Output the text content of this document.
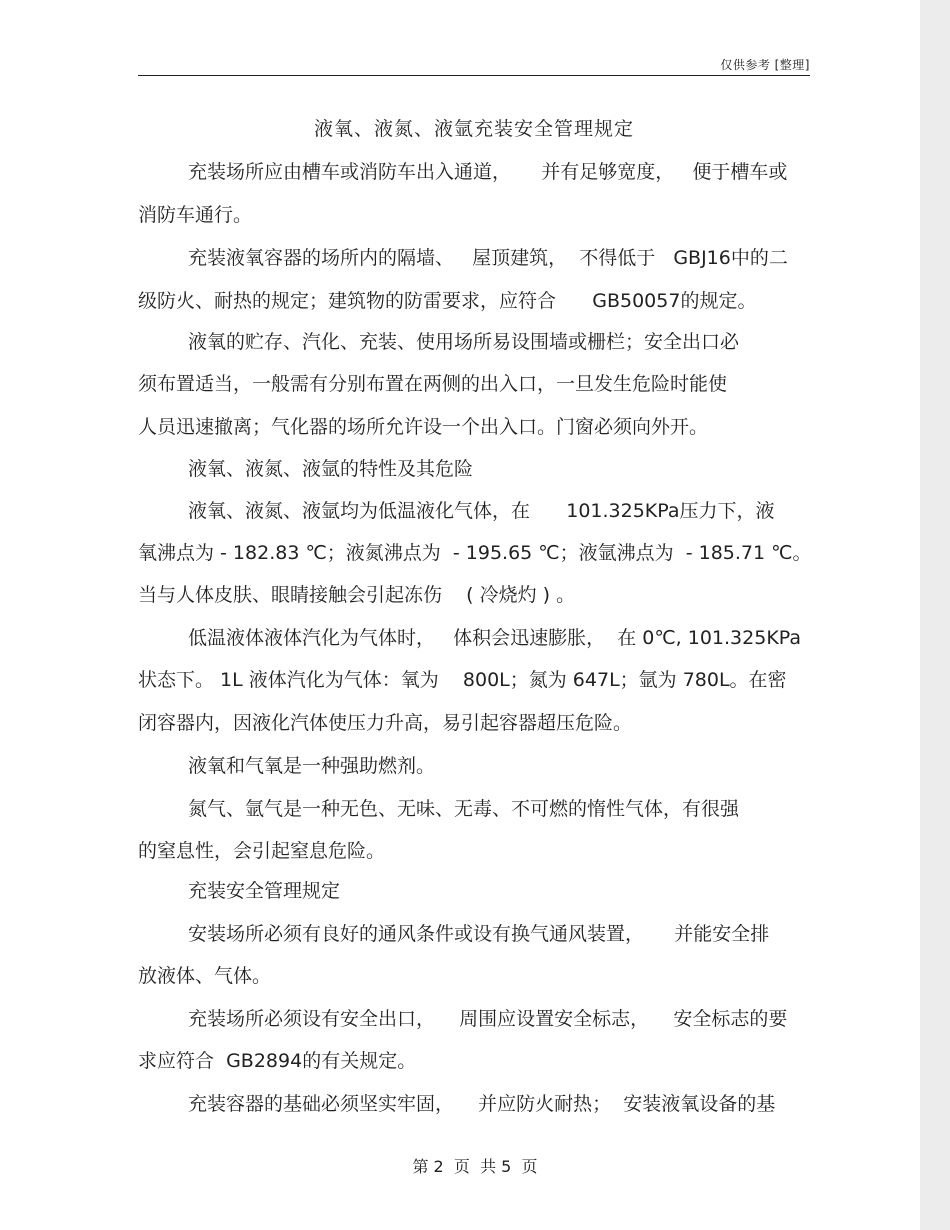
仅供参考 [整理]
液氧、液氮、液氩充装安全管理规定
充装场所应由槽车或消防车出入通道，     并有足够宽度，   便于槽车或
消防车通行。
充装液氧容器的场所内的隔墙、   屋顶建筑，  不得低于   GBJ16中的二
级防火、耐热的规定；建筑物的防雷要求，应符合      GB50057的规定。
液氧的贮存、汽化、充装、使用场所易设围墙或栅栏；安全出口必
须布置适当，一般需有分别布置在两侧的出入口，一旦发生危险时能使
人员迅速撤离；气化器的场所允许设一个出入口。门窗必须向外开。
液氧、液氮、液氩的特性及其危险
液氧、液氮、液氩均为低温液化气体，在      101.325KPa压力下，液
氧沸点为 - 182.83 ℃；液氮沸点为  - 195.65 ℃；液氩沸点为  - 185.71 ℃。
当与人体皮肤、眼睛接触会引起冻伤    ( 冷烧灼 ) 。
低温液体液体汽化为气体时，   体积会迅速膨胀，  在 0℃, 101.325KPa
状态下。 1L 液体汽化为气体：氧为    800L；氮为 647L；氩为 780L。在密
闭容器内，因液化汽体使压力升高，易引起容器超压危险。
液氧和气氧是一种强助燃剂。
氮气、氩气是一种无色、无味、无毒、不可燃的惰性气体，有很强
的窒息性，会引起窒息危险。
充装安全管理规定
安装场所必须有良好的通风条件或设有换气通风装置，     并能安全排
放液体、气体。
充装场所必须设有安全出口，    周围应设置安全标志，    安全标志的要
求应符合  GB2894的有关规定。
充装容器的基础必须坚实牢固，    并应防火耐热；  安装液氧设备的基
第 2  页  共 5  页
